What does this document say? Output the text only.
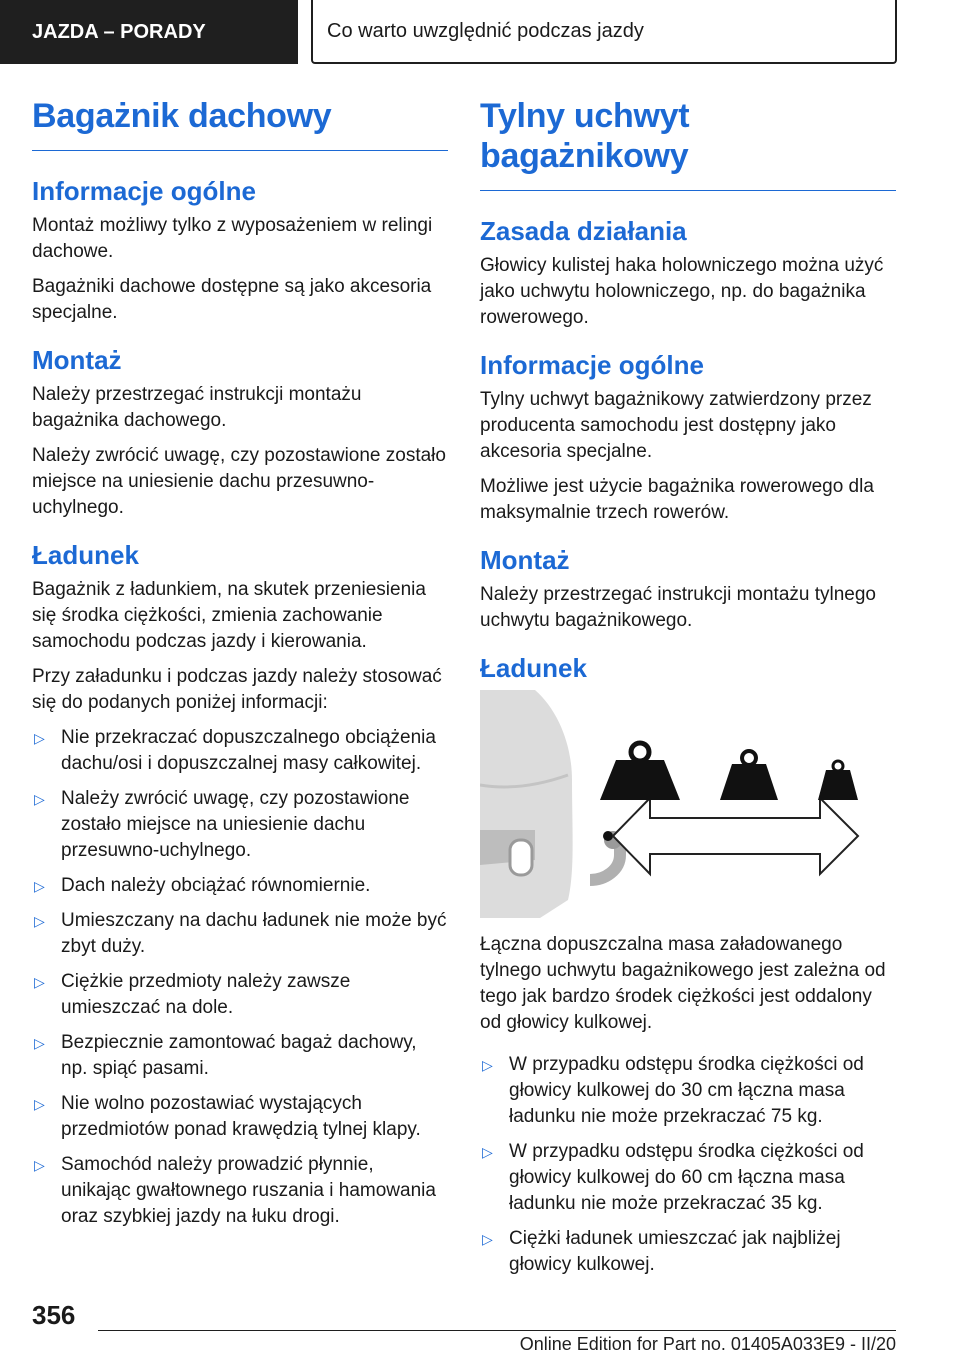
JAZDA – PORADY	Co warto uwzględnić podczas jazdy
Bagażnik dachowy
Informacje ogólne

Montaż możliwy tylko z wyposażeniem w relingi dachowe.

Bagażniki dachowe dostępne są jako akcesoria specjalne.

Montaż

Należy przestrzegać instrukcji montażu bagażnika dachowego.

Należy zwrócić uwagę, czy pozostawione zostało miejsce na uniesienie dachu przesuwno-uchylnego.

Ładunek

Bagażnik z ładunkiem, na skutek przeniesienia się środka ciężkości, zmienia zachowanie samochodu podczas jazdy i kierowania.

Przy załadunku i podczas jazdy należy stosować się do podanych poniżej informacji:

▷ Nie przekraczać dopuszczalnego obciążenia dachu/osi i dopuszczalnej masy całkowitej.
▷ Należy zwrócić uwagę, czy pozostawione zostało miejsce na uniesienie dachu przesuwno-uchylnego.
▷ Dach należy obciążać równomiernie.
▷ Umieszczany na dachu ładunek nie może być zbyt duży.
▷ Ciężkie przedmioty należy zawsze umieszczać na dole.
▷ Bezpiecznie zamontować bagaż dachowy, np. spiąć pasami.
▷ Nie wolno pozostawiać wystających przedmiotów ponad krawędzią tylnej klapy.
▷ Samochód należy prowadzić płynnie, unikając gwałtownego ruszania i hamowania oraz szybkiej jazdy na łuku drogi.
Tylny uchwyt bagażnikowy
Zasada działania

Głowicy kulistej haka holowniczego można użyć jako uchwytu holowniczego, np. do bagażnika rowerowego.

Informacje ogólne

Tylny uchwyt bagażnikowy zatwierdzony przez producenta samochodu jest dostępny jako akcesoria specjalne.

Możliwe jest użycie bagażnika rowerowego dla maksymalnie trzech rowerów.

Montaż

Należy przestrzegać instrukcji montażu tylnego uchwytu bagażnikowego.

Ładunek

Łączna dopuszczalna masa załadowanego tylnego uchwytu bagażnikowego jest zależna od tego jak bardzo środek ciężkości jest oddalony od głowicy kulkowej.

▷ W przypadku odstępu środka ciężkości od głowicy kulkowej do 30 cm łączna masa ładunku nie może przekraczać 75 kg.
▷ W przypadku odstępu środka ciężkości od głowicy kulkowej do 60 cm łączna masa ładunku nie może przekraczać 35 kg.
▷ Ciężki ładunek umieszczać jak najbliżej głowicy kulkowej.
356
Online Edition for Part no. 01405A033E9 - II/20
